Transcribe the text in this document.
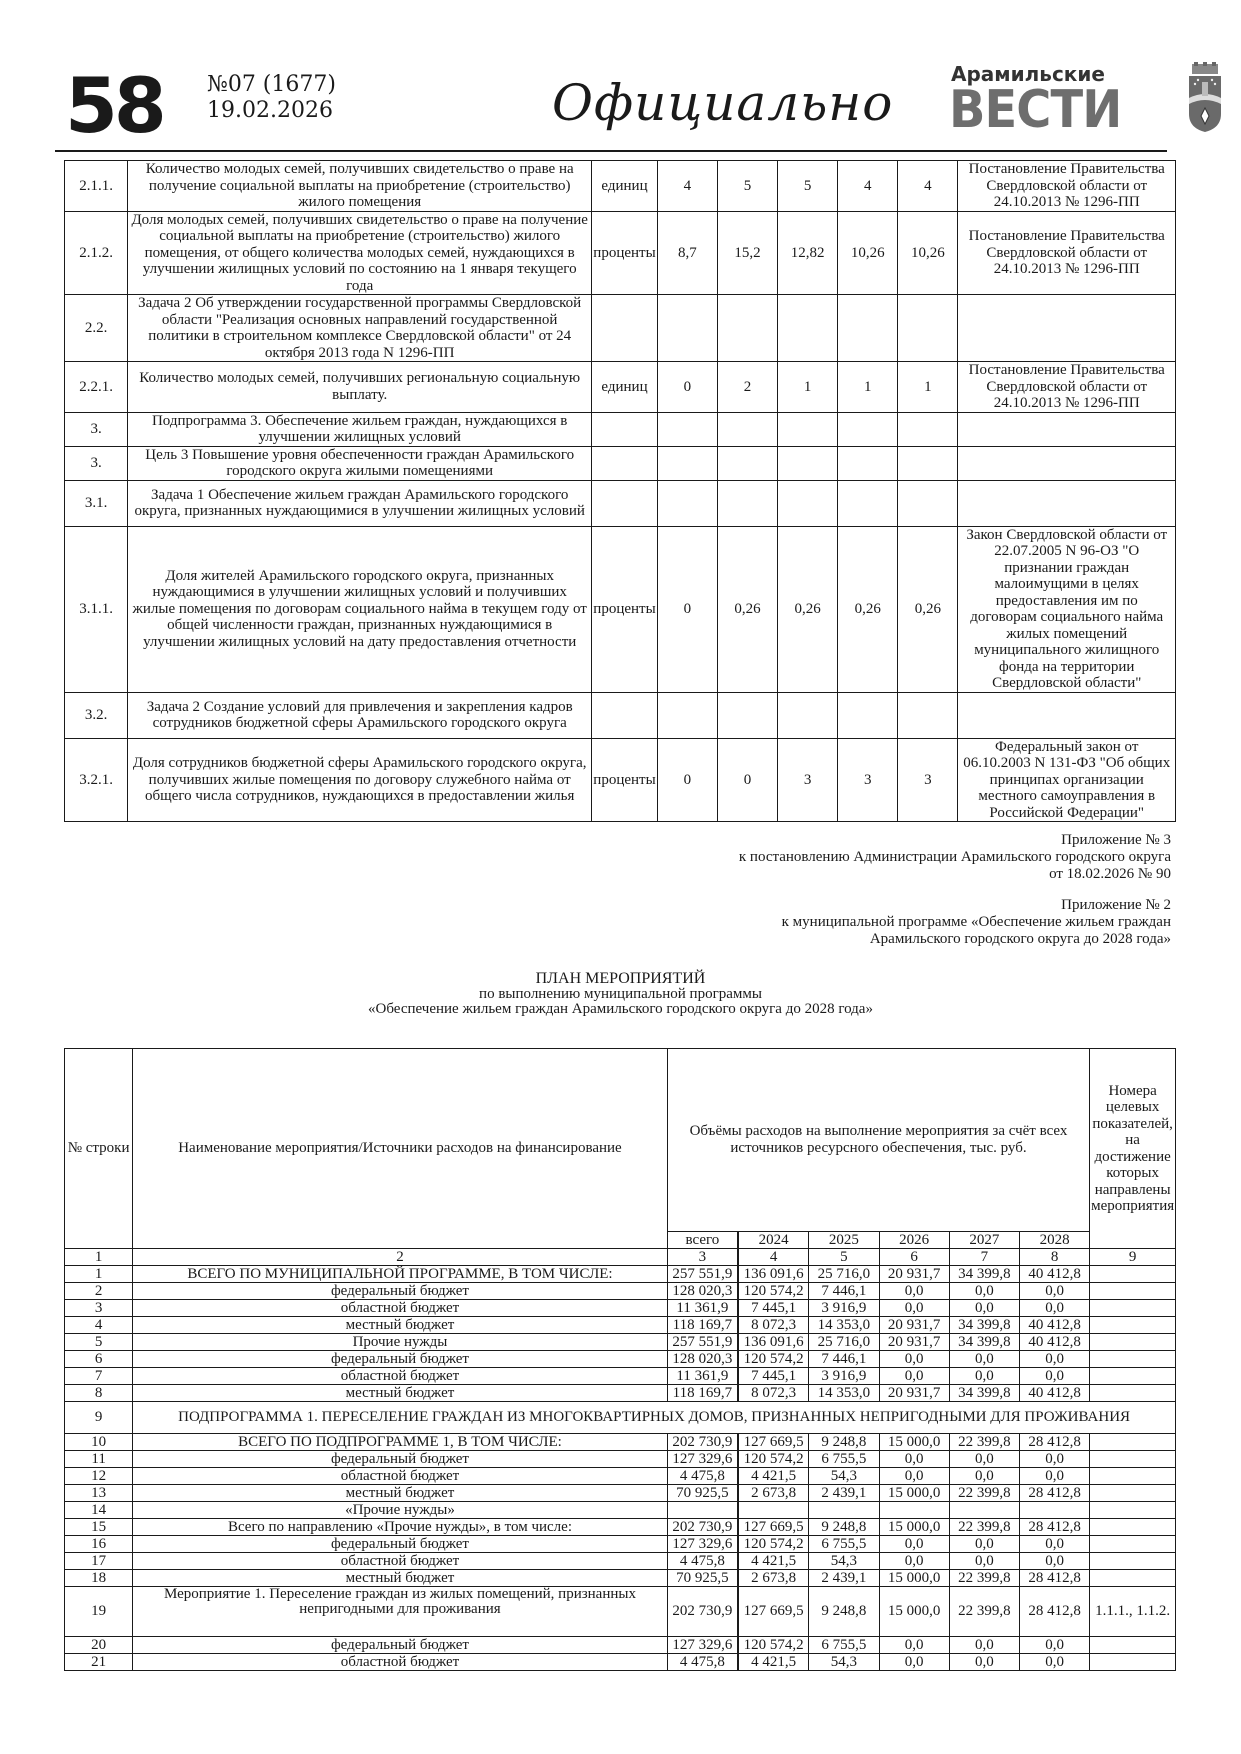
58 №07 (1677)
19.02.2026	Официально	Арамильские
ВЕСТИ
2.1.1.	Количество молодых семей, получивших свидетельство о праве на получение социальной выплаты на приобретение (строительство) жилого помещения	единиц	4	5	5	4	4	Постановление Правительства Свердловской области от 24.10.2013 № 1296-ПП
2.1.2.	Доля молодых семей, получивших свидетельство о праве на получение социальной выплаты на приобретение (строительство) жилого помещения, от общего количества молодых семей, нуждающихся в улучшении жилищных условий по состоянию на 1 января текущего года	проценты	8,7	15,2	12,82	10,26	10,26	Постановление Правительства Свердловской области от 24.10.2013 № 1296-ПП
2.2.	Задача 2 Об утверждении государственной программы Свердловской области "Реализация основных направлений государственной политики в строительном комплексе Свердловской области" от 24 октября 2013 года N 1296-ПП							
2.2.1.	Количество молодых семей, получивших региональную социальную выплату.	единиц	0	2	1	1	1	Постановление Правительства Свердловской области от 24.10.2013 № 1296-ПП
3.	Подпрограмма 3. Обеспечение жильем граждан, нуждающихся в улучшении жилищных условий							
3.	Цель 3 Повышение уровня обеспеченности граждан Арамильского городского округа жилыми помещениями							
3.1.	Задача 1 Обеспечение жильем граждан Арамильского городского округа, признанных нуждающимися в улучшении жилищных условий							
3.1.1.	Доля жителей Арамильского городского округа, признанных нуждающимися в улучшении жилищных условий и получивших жилые помещения по договорам социального найма в текущем году от общей численности граждан, признанных нуждающимися в улучшении жилищных условий на дату предоставления отчетности	проценты	0	0,26	0,26	0,26	0,26	Закон Свердловской области от 22.07.2005 N 96-ОЗ "О признании граждан малоимущими в целях предоставления им по договорам социального найма жилых помещений муниципального жилищного фонда на территории Свердловской области"
3.2.	Задача 2 Создание условий для привлечения и закрепления кадров сотрудников бюджетной сферы Арамильского городского округа							
3.2.1.	Доля сотрудников бюджетной сферы Арамильского городского округа, получивших жилые помещения по договору служебного найма от общего числа сотрудников, нуждающихся в предоставлении жилья	проценты	0	0	3	3	3	Федеральный закон от 06.10.2003 N 131-ФЗ "Об общих принципах организации местного самоуправления в Российской Федерации"
Приложение № 3
к постановлению Администрации Арамильского городского округа
от 18.02.2026 № 90
Приложение № 2
к муниципальной программе «Обеспечение жильем граждан
Арамильского городского округа до 2028 года»
ПЛАН МЕРОПРИЯТИЙ
по выполнению муниципальной программы
«Обеспечение жильем граждан Арамильского городского округа до 2028 года»
№ строки	Наименование мероприятия/Источники расходов на финансирование	Объёмы расходов на выполнение мероприятия за счёт всех источников ресурсного обеспечения, тыс. руб.						Номера целевых показателей, на достижение которых направлены мероприятия
		всего	2024	2025	2026	2027	2028	
1	2	3	4	5	6	7	8	9
1	ВСЕГО ПО МУНИЦИПАЛЬНОЙ ПРОГРАММЕ, В ТОМ ЧИСЛЕ:	257 551,9	136 091,6	25 716,0	20 931,7	34 399,8	40 412,8	
2	федеральный бюджет	128 020,3	120 574,2	7 446,1	0,0	0,0	0,0	
3	областной бюджет	11 361,9	7 445,1	3 916,9	0,0	0,0	0,0	
4	местный бюджет	118 169,7	8 072,3	14 353,0	20 931,7	34 399,8	40 412,8	
5	Прочие нужды	257 551,9	136 091,6	25 716,0	20 931,7	34 399,8	40 412,8	
6	федеральный бюджет	128 020,3	120 574,2	7 446,1	0,0	0,0	0,0	
7	областной бюджет	11 361,9	7 445,1	3 916,9	0,0	0,0	0,0	
8	местный бюджет	118 169,7	8 072,3	14 353,0	20 931,7	34 399,8	40 412,8	
9	ПОДПРОГРАММА 1. ПЕРЕСЕЛЕНИЕ ГРАЖДАН ИЗ МНОГОКВАРТИРНЫХ ДОМОВ, ПРИЗНАННЫХ НЕПРИГОДНЫМИ ДЛЯ ПРОЖИВАНИЯ							
10	ВСЕГО ПО ПОДПРОГРАММЕ 1, В ТОМ ЧИСЛЕ:	202 730,9	127 669,5	9 248,8	15 000,0	22 399,8	28 412,8	
11	федеральный бюджет	127 329,6	120 574,2	6 755,5	0,0	0,0	0,0	
12	областной бюджет	4 475,8	4 421,5	54,3	0,0	0,0	0,0	
13	местный бюджет	70 925,5	2 673,8	2 439,1	15 000,0	22 399,8	28 412,8	
14	«Прочие нужды»							
15	Всего по направлению «Прочие нужды», в том числе:	202 730,9	127 669,5	9 248,8	15 000,0	22 399,8	28 412,8	
16	федеральный бюджет	127 329,6	120 574,2	6 755,5	0,0	0,0	0,0	
17	областной бюджет	4 475,8	4 421,5	54,3	0,0	0,0	0,0	
18	местный бюджет	70 925,5	2 673,8	2 439,1	15 000,0	22 399,8	28 412,8	
19	Мероприятие 1. Переселение граждан из жилых помещений, признанных непригодными для проживания	202 730,9	127 669,5	9 248,8	15 000,0	22 399,8	28 412,8	1.1.1., 1.1.2.
20	федеральный бюджет	127 329,6	120 574,2	6 755,5	0,0	0,0	0,0	
21	областной бюджет	4 475,8	4 421,5	54,3	0,0	0,0	0,0	
